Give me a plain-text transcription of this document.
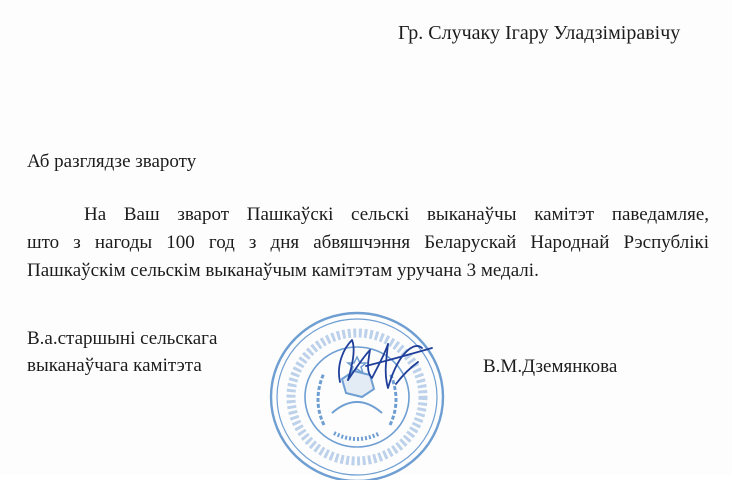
Гр. Случаку Ігару Уладзіміравічу
Аб разглядзе звароту
На Ваш зварот Пашкаўскі сельскі выканаўчы камітэт паведамляе,
што з нагоды 100 год з дня абвяшчэння Беларускай Народнай Рэспублікі
Пашкаўскім сельскім выканаўчым камітэтам уручана 3 медалі.
В.а.старшыні сельскага
выканаўчага камітэта	В.М.Дземянкова
